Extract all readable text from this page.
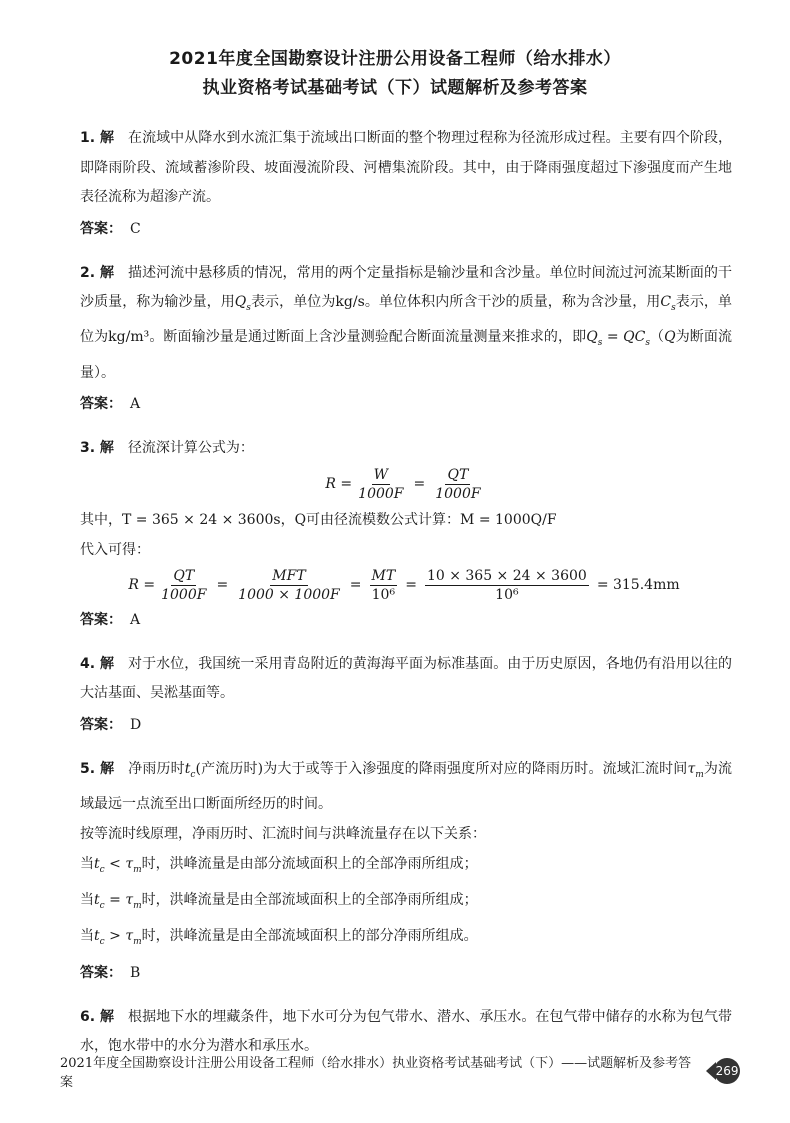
2021年度全国勘察设计注册公用设备工程师（给水排水）
执业资格考试基础考试（下）试题解析及参考答案

1. 解 在流域中从降水到水流汇集于流域出口断面的整个物理过程称为径流形成过程。主要有四个阶段，即降雨阶段、流域蓄渗阶段、坡面漫流阶段、河槽集流阶段。其中，由于降雨强度超过下渗强度而产生地表径流称为超渗产流。

答案： C

2. 解 描述河流中悬移质的情况，常用的两个定量指标是输沙量和含沙量。单位时间流过河流某断面的干沙质量，称为输沙量，用$Q_s$表示，单位为kg/s。单位体积内所含干沙的质量，称为含沙量，用$C_s$表示，单位为kg/m³。断面输沙量是通过断面上含沙量测验配合断面流量测量来推求的，即$Q_s = QC_s(Q$为断面流量）。

答案： A

3. 解 径流深计算公式为：

$R = \frac{W}{1000F} = \frac{QT}{1000F}$

其中，T = 365 × 24 × 3600s，Q可由径流模数公式计算：M = 1000Q/F

代入可得：

$R = \frac{QT}{1000F} = \frac{\text{MFT}}{1000 \times 1000F} = \frac{MT}{\text{10⁶}} = \frac{10 \times 365 \times 24 \times 3600}{\text{10⁶}} = 315.4mm$
答案： A

4. 解 对于水位，我国统一采用青岛附近的黄海海平面为标准基面。由于历史原因，各地仍有沿用以往的大沽基面、吴淞基面等。

答案： D

5. 解 净雨历时$t_c$(产流历时)为大于或等于入渗强度的降雨强度所对应的降雨历时。流域汇流时间$\tau_m$为流域最远一点流至出口断面所经历的时间。

按等流时线原理，净雨历时、汇流时间与洪峰流量存在以下关系：

当$t_c < \tau_m$时，洪峰流量是由部分流域面积上的全部净雨所组成；

当$t_c = \tau_m$时，洪峰流量是由全部流域面积上的全部净雨所组成；

当$t_c > \tau_m$时，洪峰流量是由全部流域面积上的部分净雨所组成。

答案： B

6. 解 根据地下水的埋藏条件，地下水可分为包气带水、潜水、承压水。在包气带中储存的水称为包气带水，饱水带中的水分为潜水和承压水。

2021年度全国勘察设计注册公用设备工程师（给水排水）执业资格考试基础考试（下）——试题解析及参考答案
269
